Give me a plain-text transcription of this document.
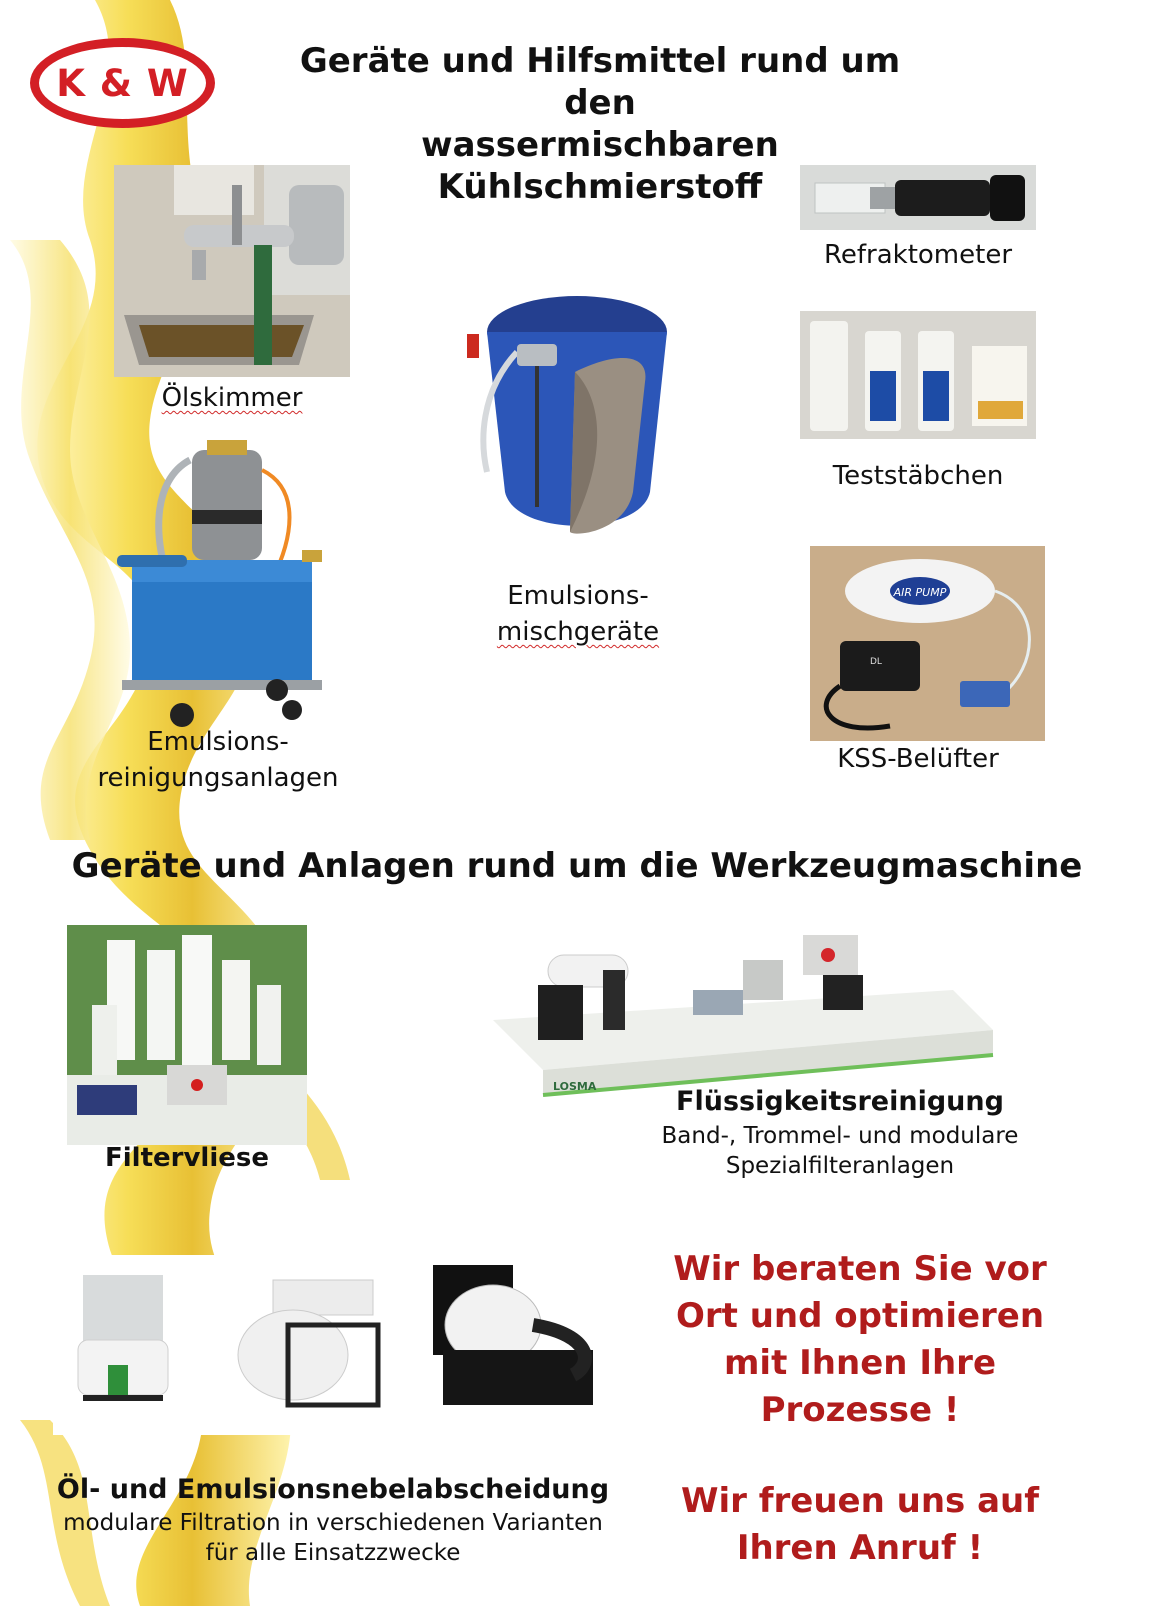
K & W
Geräte und Hilfsmittel rund um den
wassermischbaren Kühlschmierstoff
Ölskimmer
Emulsions-
reinigungsanlagen
Emulsions-
mischgeräte
Refraktometer
Teststäbchen
AIR PUMP
DL
KSS-Belüfter
Geräte und Anlagen rund um die Werkzeugmaschine
Filtervliese
LOSMA	Flüssigkeitsreinigung
Band-, Trommel- und modulare
Spezialfilteranlagen
Öl- und Emulsionsnebelabscheidung
modulare Filtration in verschiedenen Varianten
für alle Einsatzzwecke
Wir beraten Sie vor
Ort und optimieren
mit Ihnen Ihre
Prozesse !
Wir freuen uns auf
Ihren Anruf !
